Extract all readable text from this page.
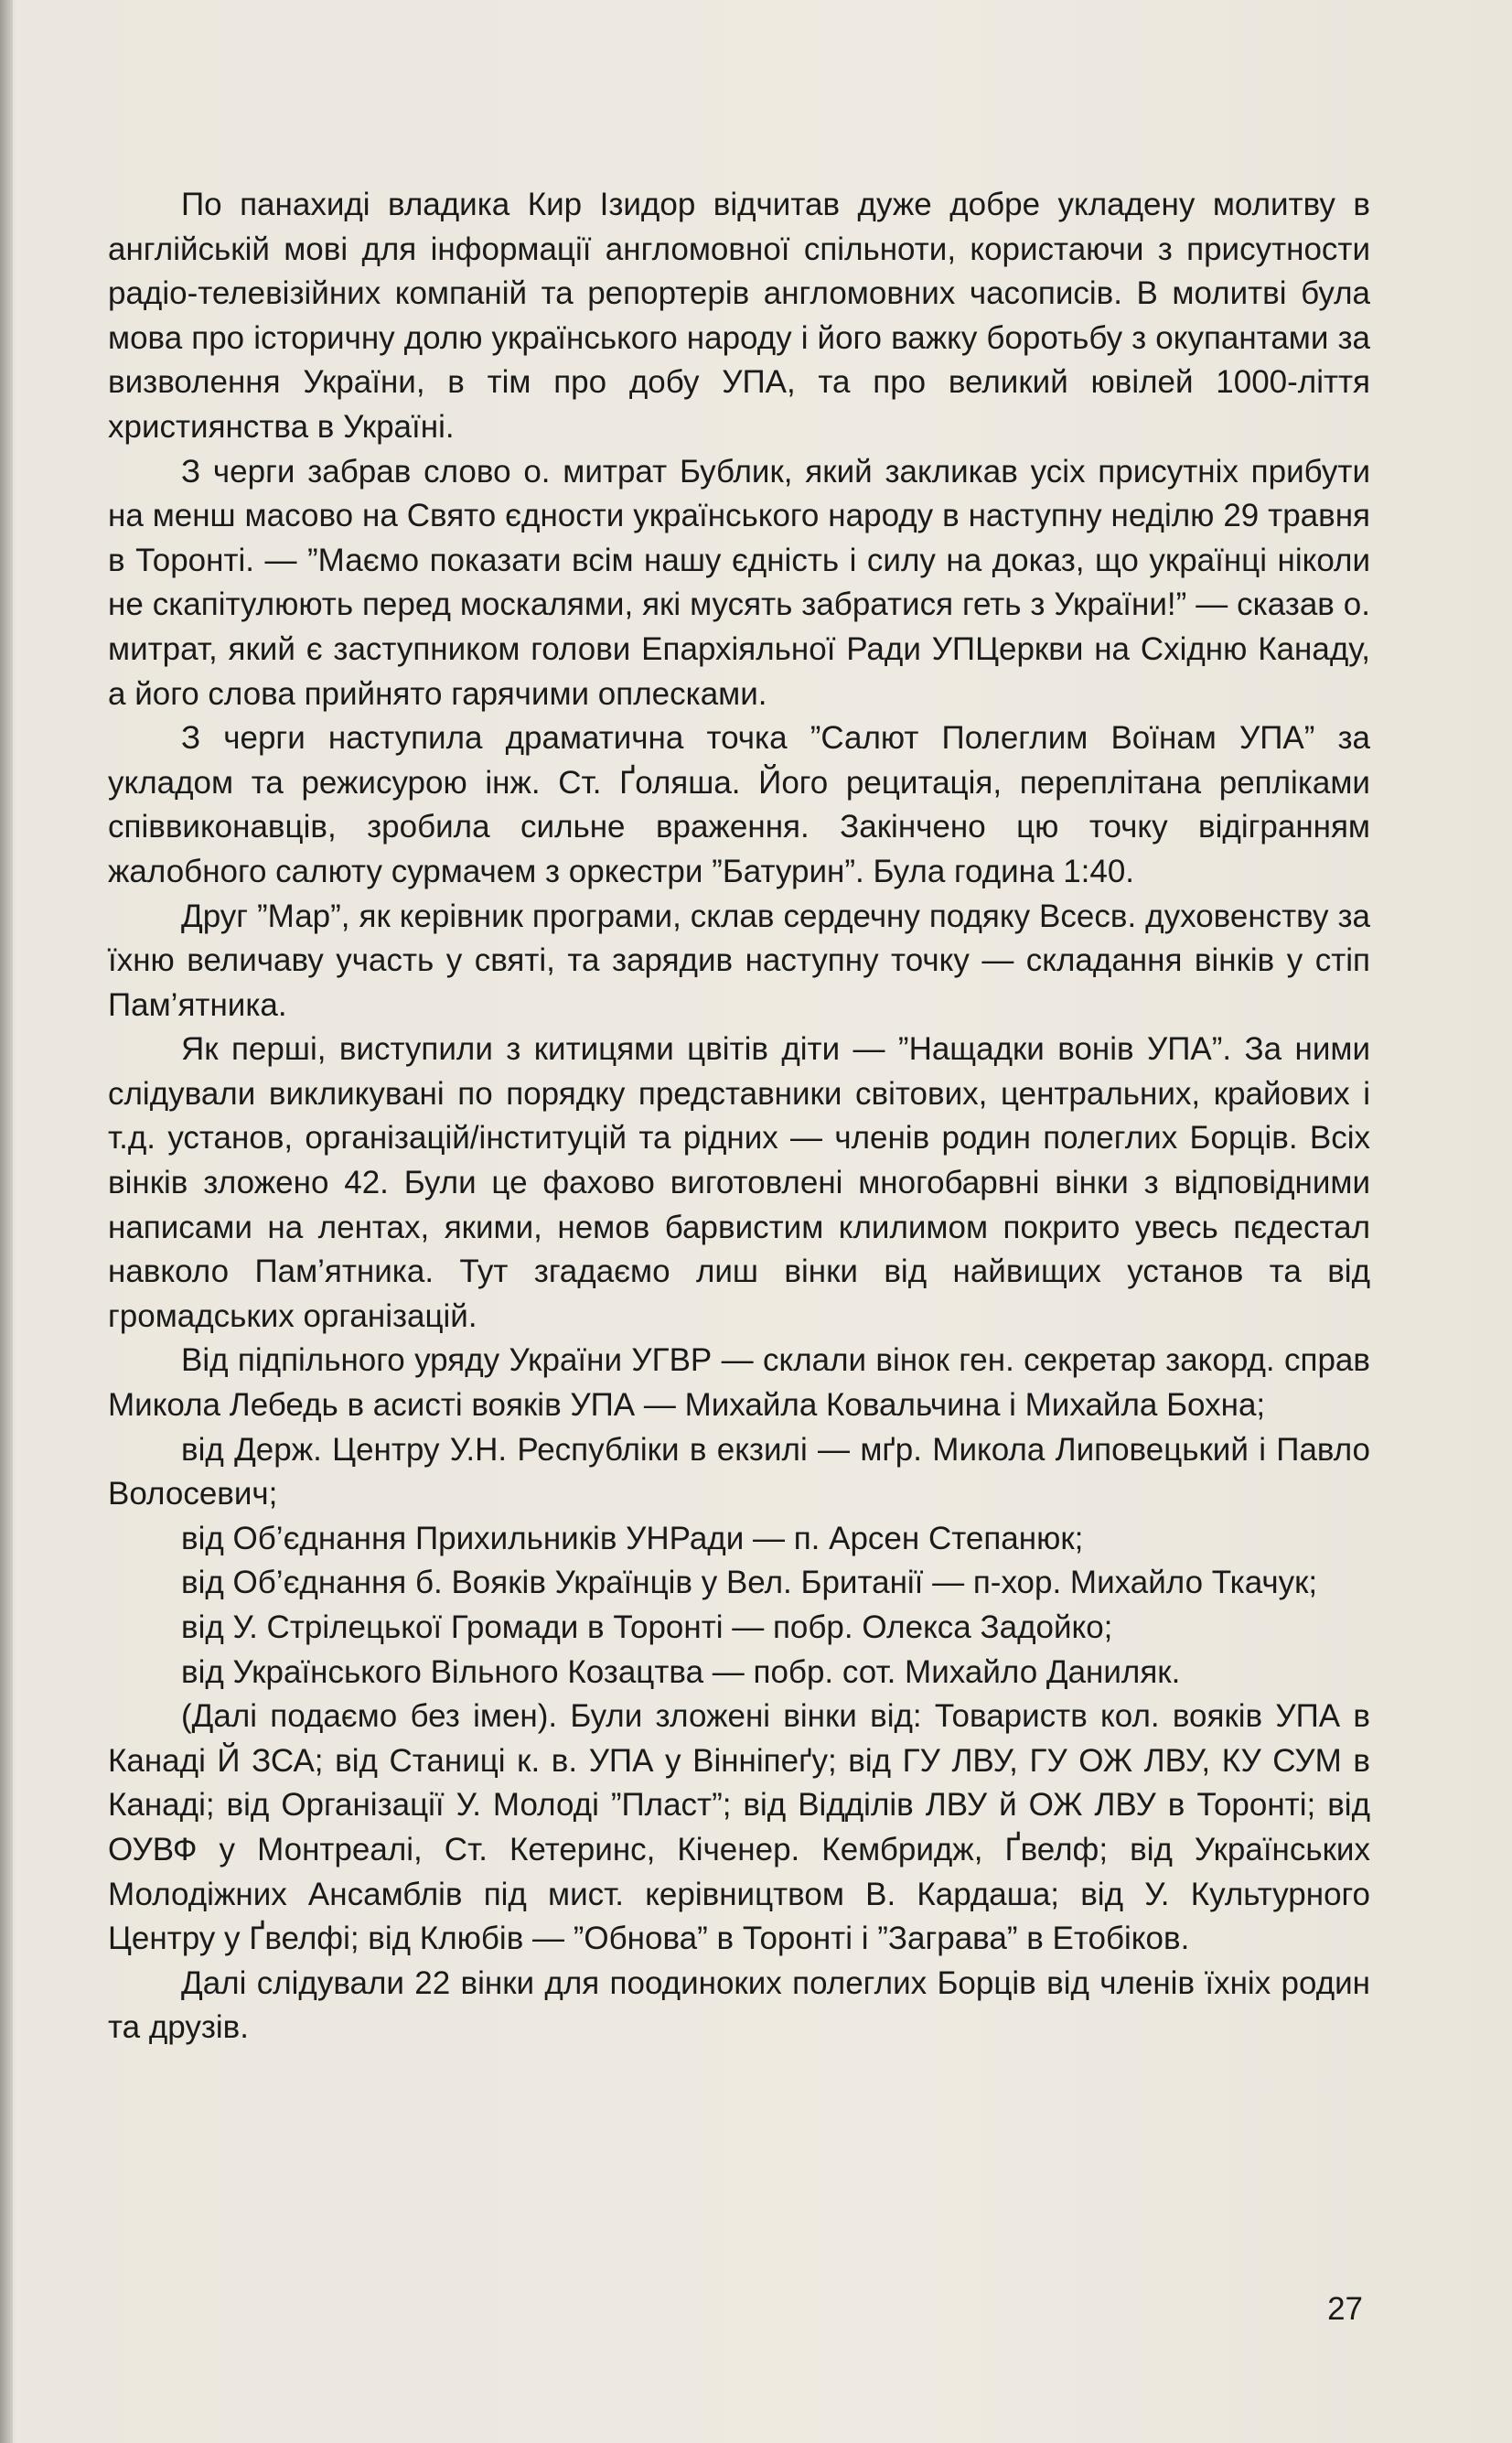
По панахиді владика Кир Ізидор відчитав дуже добре укладену молитву в англійській мові для інформації англомовної спільноти, користаючи з присутности радіо-телевізійних компаній та репортерів англомовних часописів. В молитві була мова про історичну долю українського народу і його важку боротьбу з окупантами за визволення України, в тім про добу УПА, та про великий ювілей 1000-ліття християнства в Україні.

З черги забрав слово о. митрат Бублик, який закликав усіх присутніх прибути на менш масово на Свято єдности українського народу в наступну неділю 29 травня в Торонті. — ”Маємо показати всім нашу єдність і силу на доказ, що українці ніколи не скапітулюють перед москалями, які мусять забратися геть з України!” — сказав о. митрат, який є заступником голови Епархіяльної Ради УПЦеркви на Східню Канаду, а його слова прийнято гарячими оплесками.

З черги наступила драматична точка ”Салют Полеглим Воїнам УПА” за укладом та режисурою інж. Ст. Ґоляша. Його рецитація, переплітана репліками співвиконавців, зробила сильне враження. Закінчено цю точку відігранням жалобного салюту сурмачем з оркестри ”Батурин”. Була година 1:40.

Друг ”Мар”, як керівник програми, склав сердечну подяку Всесв. духовенству за їхню величаву участь у святі, та зарядив наступну точку — складання вінків у стіп Пам’ятника.

Як перші, виступили з китицями цвітів діти — ”Нащадки вонів УПА”. За ними слідували викликувані по порядку представники світових, центральних, крайових і т.д. установ, організацій/інституцій та рідних — членів родин полеглих Борців. Всіх вінків зложено 42. Були це фахово виготовлені многобарвні вінки з відповідними написами на лентах, якими, немов барвистим клилимом покрито увесь пєдестал навколо Пам’ятника. Тут згадаємо лиш вінки від найвищих установ та від громадських організацій.

Від підпільного уряду України УГВР — склали вінок ген. секретар закорд. справ Микола Лебедь в асисті вояків УПА — Михайла Ковальчина і Михайла Бохна;

від Держ. Центру У.Н. Республіки в екзилі — мґр. Микола Липовецький і Павло Волосевич;

від Об’єднання Прихильників УНРади — п. Арсен Степанюк;

від Об’єднання б. Вояків Українців у Вел. Британії — п-хор. Михайло Ткачук;

від У. Стрілецької Громади в Торонті — побр. Олекса Задойко;

від Українського Вільного Козацтва — побр. сот. Михайло Даниляк.

(Далі подаємо без імен). Були зложені вінки від: Товариств кол. вояків УПА в Канаді Й ЗСА; від Станиці к. в. УПА у Вінніпеґу; від ГУ ЛВУ, ГУ ОЖ ЛВУ, КУ СУМ в Канаді; від Організації У. Молоді ”Пласт”; від Відділів ЛВУ й ОЖ ЛВУ в Торонті; від ОУВФ у Монтреалі, Ст. Кетеринс, Кіченер. Кембридж, Ґвелф; від Українських Молодіжних Ансамблів під мист. керівництвом В. Кардаша; від У. Культурного Центру у Ґвелфі; від Клюбів — ”Обнова” в Торонті і ”Заграва” в Етобіков.

Далі слідували 22 вінки для поодиноких полеглих Борців від членів їхніх родин та друзів.

27
